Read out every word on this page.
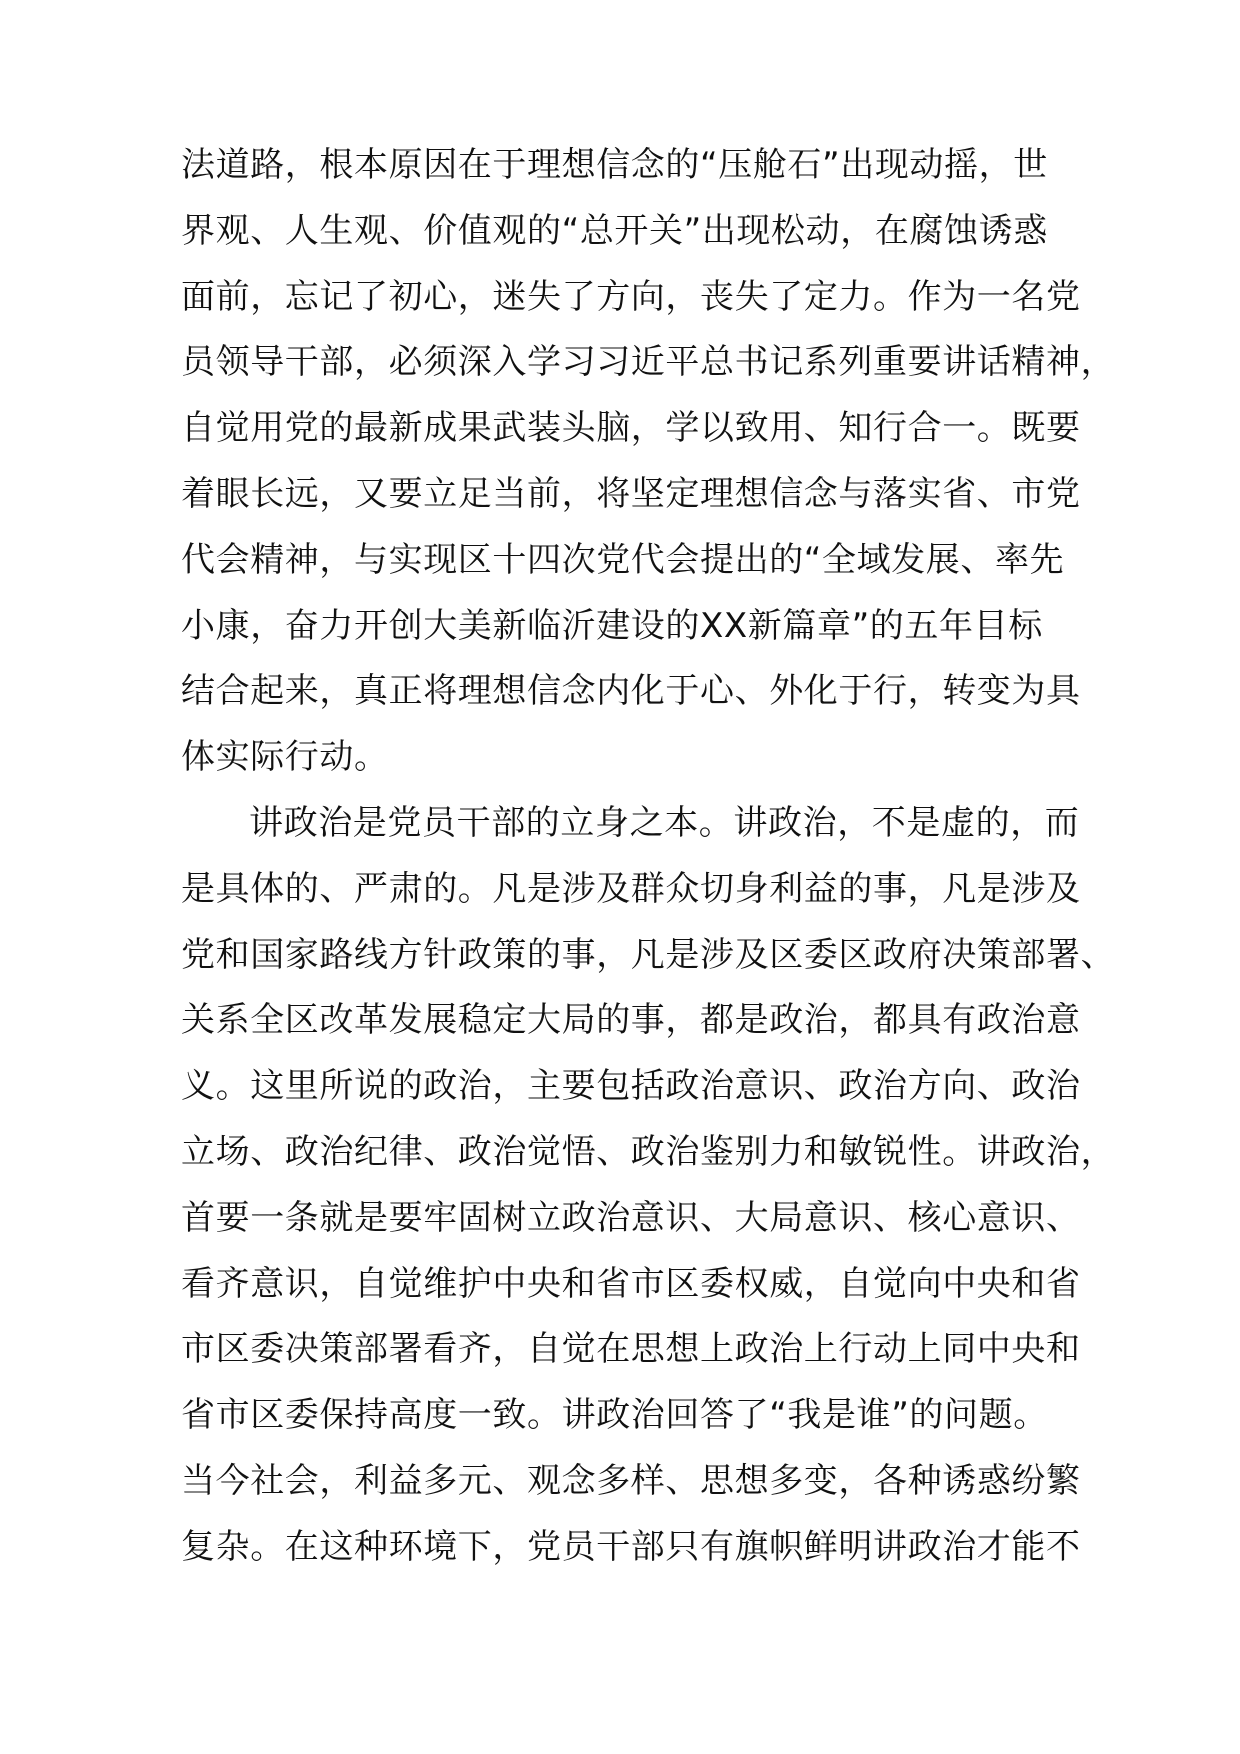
法道路，根本原因在于理想信念的“压舱石”出现动摇，世
界观、人生观、价值观的“总开关”出现松动，在腐蚀诱惑
面前，忘记了初心，迷失了方向，丧失了定力。作为一名党
员领导干部，必须深入学习习近平总书记系列重要讲话精神，
自觉用党的最新成果武装头脑，学以致用、知行合一。既要
着眼长远，又要立足当前，将坚定理想信念与落实省、市党
代会精神，与实现区十四次党代会提出的“全域发展、率先
小康，奋力开创大美新临沂建设的XX新篇章”的五年目标
结合起来，真正将理想信念内化于心、外化于行，转变为具
体实际行动。
讲政治是党员干部的立身之本。讲政治，不是虚的，而
是具体的、严肃的。凡是涉及群众切身利益的事，凡是涉及
党和国家路线方针政策的事，凡是涉及区委区政府决策部署、
关系全区改革发展稳定大局的事，都是政治，都具有政治意
义。这里所说的政治，主要包括政治意识、政治方向、政治
立场、政治纪律、政治觉悟、政治鉴别力和敏锐性。讲政治，
首要一条就是要牢固树立政治意识、大局意识、核心意识、
看齐意识，自觉维护中央和省市区委权威，自觉向中央和省
市区委决策部署看齐，自觉在思想上政治上行动上同中央和
省市区委保持高度一致。讲政治回答了“我是谁”的问题。
当今社会，利益多元、观念多样、思想多变，各种诱惑纷繁
复杂。在这种环境下，党员干部只有旗帜鲜明讲政治才能不
